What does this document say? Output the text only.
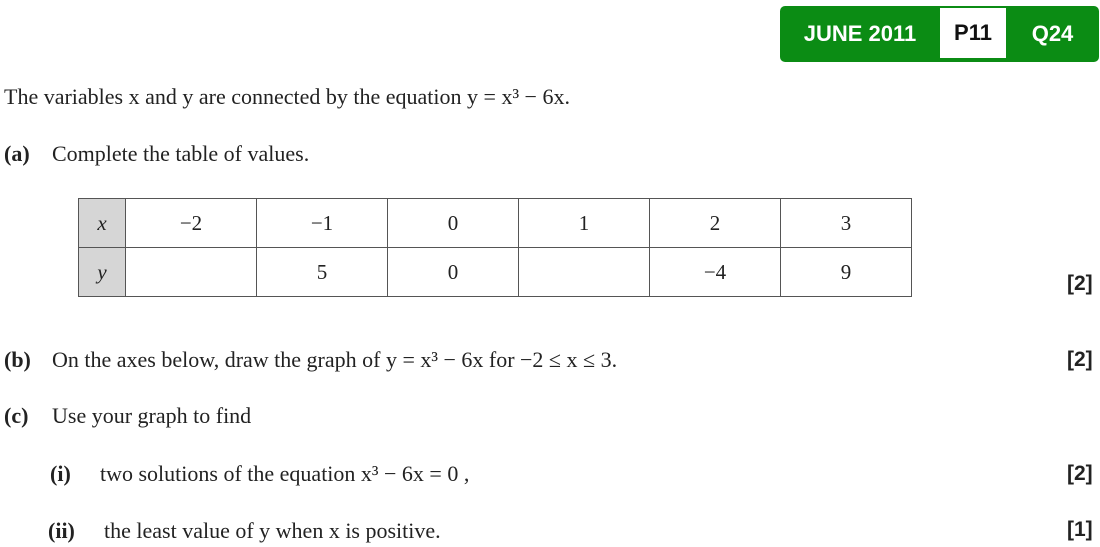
JUNE 2011	P11	Q24
The variables x and y are connected by the equation y = x³ − 6x.
(a) Complete the table of values.
x	−2	−1	0	1	2	3
y		5	0		−4	9	[2]
(b) On the axes below, draw the graph of y = x³ − 6x for −2 ≤ x ≤ 3.	[2]
(c) Use your graph to find
(i) two solutions of the equation x³ − 6x = 0 ,	[2]
(ii) the least value of y when x is positive.	[1]
